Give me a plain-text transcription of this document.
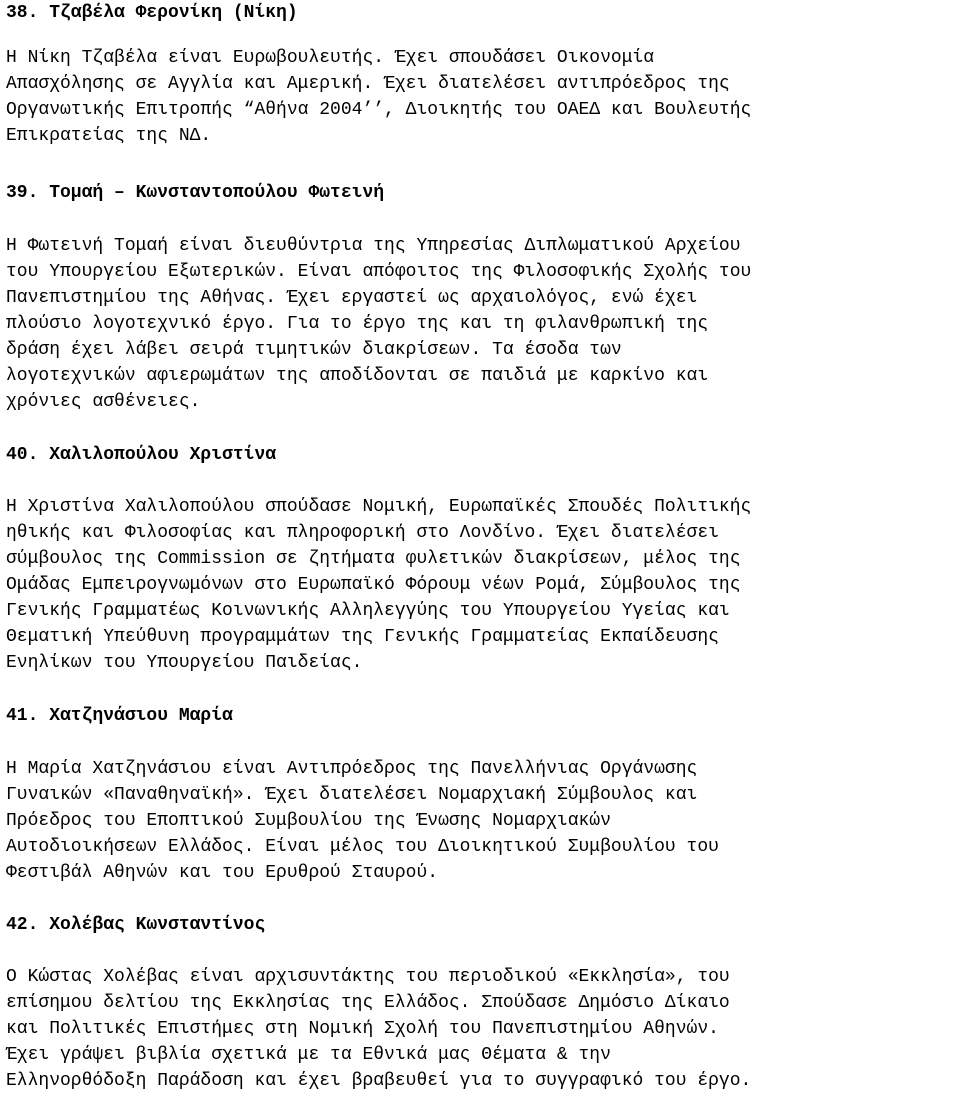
38. Τζαβέλα Φερονίκη (Νίκη)
Η Νίκη Τζαβέλα είναι Ευρωβουλευτής. Έχει σπουδάσει Οικονομία
Απασχόλησης σε Αγγλία και Αμερική. Έχει διατελέσει αντιπρόεδρος της
Οργανωτικής Επιτροπής “Αθήνα 2004’’, Διοικητής του ΟΑΕΔ και Βουλευτής
Επικρατείας της ΝΔ.
39. Τομαή – Κωνσταντοπούλου Φωτεινή
Η Φωτεινή Τομαή είναι διευθύντρια της Υπηρεσίας Διπλωματικού Αρχείου
του Υπουργείου Εξωτερικών. Είναι απόφοιτος της Φιλοσοφικής Σχολής του
Πανεπιστημίου της Αθήνας. Έχει εργαστεί ως αρχαιολόγος, ενώ έχει
πλούσιο λογοτεχνικό έργο. Για το έργο της και τη φιλανθρωπική της
δράση έχει λάβει σειρά τιμητικών διακρίσεων. Τα έσοδα των
λογοτεχνικών αφιερωμάτων της αποδίδονται σε παιδιά με καρκίνο και
χρόνιες ασθένειες.
40. Χαλιλοπούλου Χριστίνα
Η Χριστίνα Χαλιλοπούλου σπούδασε Νομική, Ευρωπαϊκές Σπουδές Πολιτικής
ηθικής και Φιλοσοφίας και πληροφορική στο Λονδίνο. Έχει διατελέσει
σύμβουλος της Commission σε ζητήματα φυλετικών διακρίσεων, μέλος της
Ομάδας Εμπειρογνωμόνων στο Ευρωπαϊκό Φόρουμ νέων Ρομά, Σύμβουλος της
Γενικής Γραμματέως Κοινωνικής Αλληλεγγύης του Υπουργείου Υγείας και
Θεματική Υπεύθυνη προγραμμάτων της Γενικής Γραμματείας Εκπαίδευσης
Ενηλίκων του Υπουργείου Παιδείας.
41. Χατζηνάσιου Μαρία
Η Μαρία Χατζηνάσιου είναι Αντιπρόεδρος της Πανελλήνιας Οργάνωσης
Γυναικών «Παναθηναϊκή». Έχει διατελέσει Νομαρχιακή Σύμβουλος και
Πρόεδρος του Εποπτικού Συμβουλίου της Ένωσης Νομαρχιακών
Αυτοδιοικήσεων Ελλάδος. Είναι μέλος του Διοικητικού Συμβουλίου του
Φεστιβάλ Αθηνών και του Ερυθρού Σταυρού.
42. Χολέβας Κωνσταντίνος
Ο Κώστας Χολέβας είναι αρχισυντάκτης του περιοδικού «Εκκλησία», του
επίσημου δελτίου της Εκκλησίας της Ελλάδος. Σπούδασε Δημόσιο Δίκαιο
και Πολιτικές Επιστήμες στη Νομική Σχολή του Πανεπιστημίου Αθηνών.
Έχει γράψει βιβλία σχετικά με τα Εθνικά μας Θέματα & την
Ελληνορθόδοξη Παράδοση και έχει βραβευθεί για το συγγραφικό του έργο.
